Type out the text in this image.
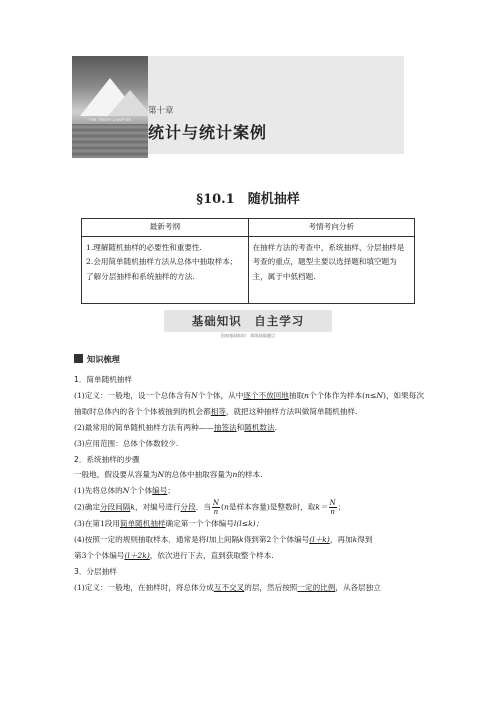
THE TENTH CHAPTER
第十章
统计与统计案例
§10.1　随机抽样
最新考纲	考情考向分析

1.理解随机抽样的必要性和重要性.
2.会用简单随机抽样方法从总体中抽取样本；
了解分层抽样和系统抽样的方法.	在抽样方法的考查中，系统抽样、分层抽样是考查的重点，题型主要以选择题和填空题为主，属于中低档题.
基础知识　自主学习
回扣基础知识　训练基础题目
知识梳理

1．简单随机抽样

(1)定义：一般地，设一个总体含有N个个体，从中逐个不放回地抽取n个个体作为样本(n≤N)，如果每次抽取时总体内的各个个体被抽到的机会都相等，就把这种抽样方法叫做简单随机抽样.

(2)最常用的简单随机抽样方法有两种——抽签法和随机数法.

(3)应用范围：总体个体数较少.

2．系统抽样的步骤

一般地，假设要从容量为N的总体中抽取容量为n的样本.

(1)先将总体的N个个体编号；

(2)确定分段间隔k，对编号进行分段．当 $\frac{N}{n} (n$是样本容量)是整数时，取$k= \frac{N}{n}$ ；

(3)在第1段用简单随机抽样确定第一个个体编号l(l≤k)；

(4)按照一定的规则抽取样本．通常是将l加上间隔k得到第2个个体编号(l＋k)，再加k得到

第3个个体编号(l＋2k)，依次进行下去，直到获取整个样本.

3．分层抽样

(1)定义：一般地，在抽样时，将总体分成互不交叉的层，然后按照一定的比例，从各层独立
